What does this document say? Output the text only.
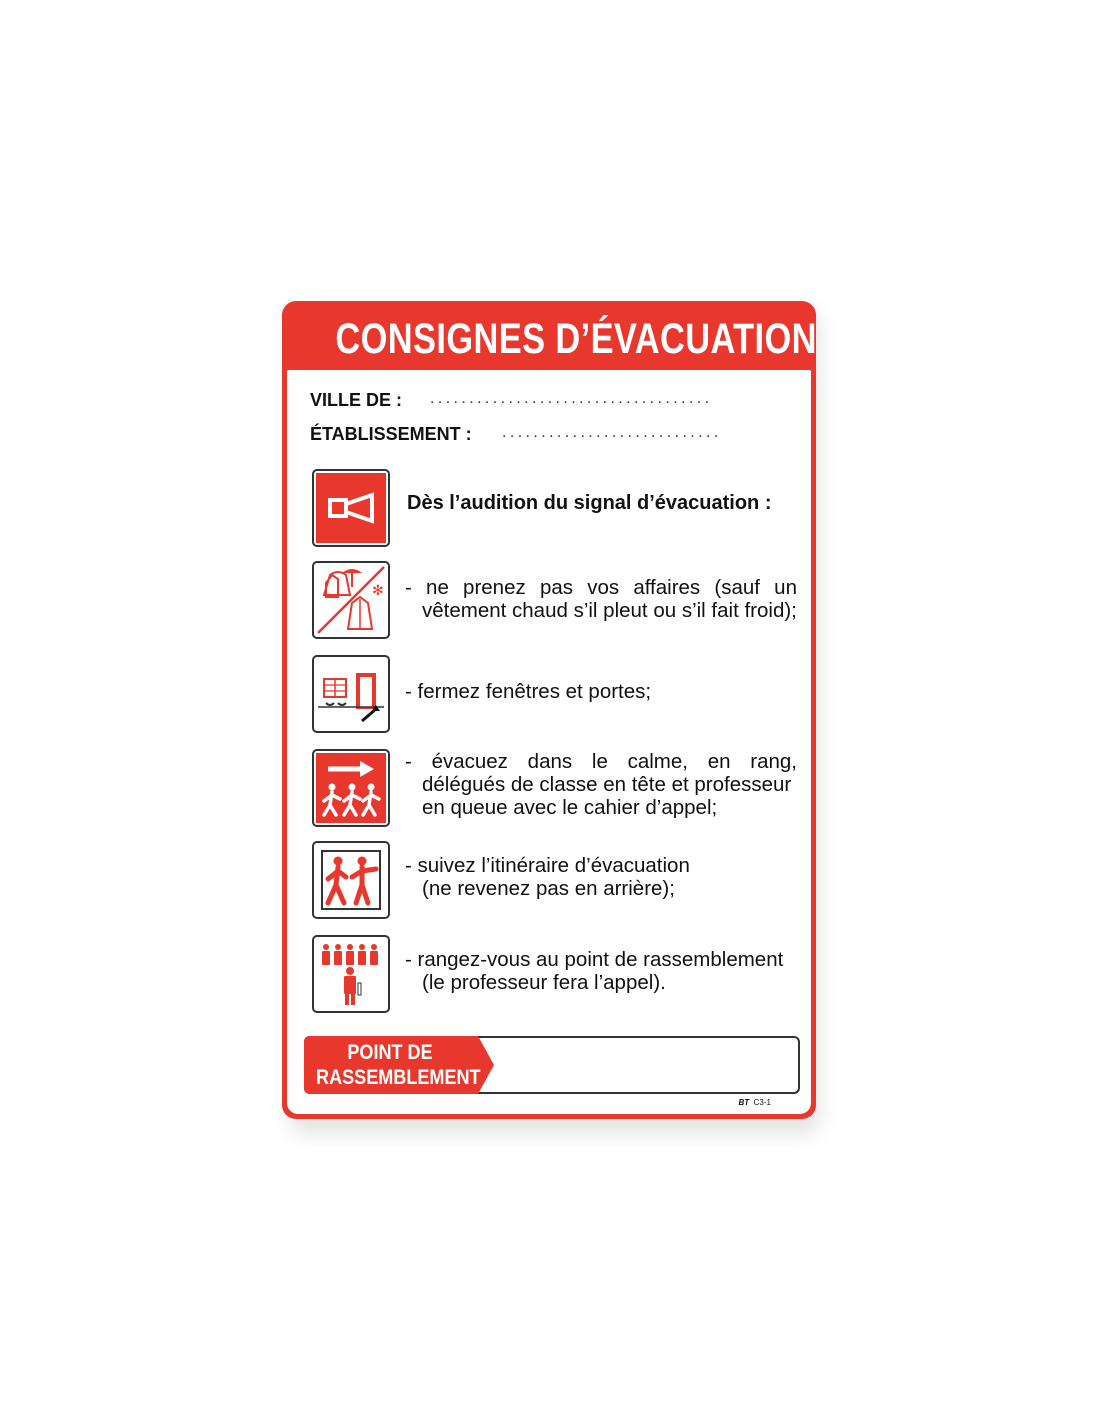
CONSIGNES D’ÉVACUATION
VILLE DE : ....................................
ÉTABLISSEMENT : ............................
Dès l’audition du signal d’évacuation :
✻ - ne prenez pas vos affaires (sauf un
vêtement chaud s’il pleut ou s’il fait froid);
- fermez fenêtres et portes;
- évacuez dans le calme, en rang,
délégués de classe en tête et professeur
en queue avec le cahier d’appel;
- suivez l’itinéraire d’évacuation
(ne revenez pas en arrière);
- rangez-vous au point de rassemblement
(le professeur fera l’appel).
POINT DE
RASSEMBLEMENT
BT C3-1
